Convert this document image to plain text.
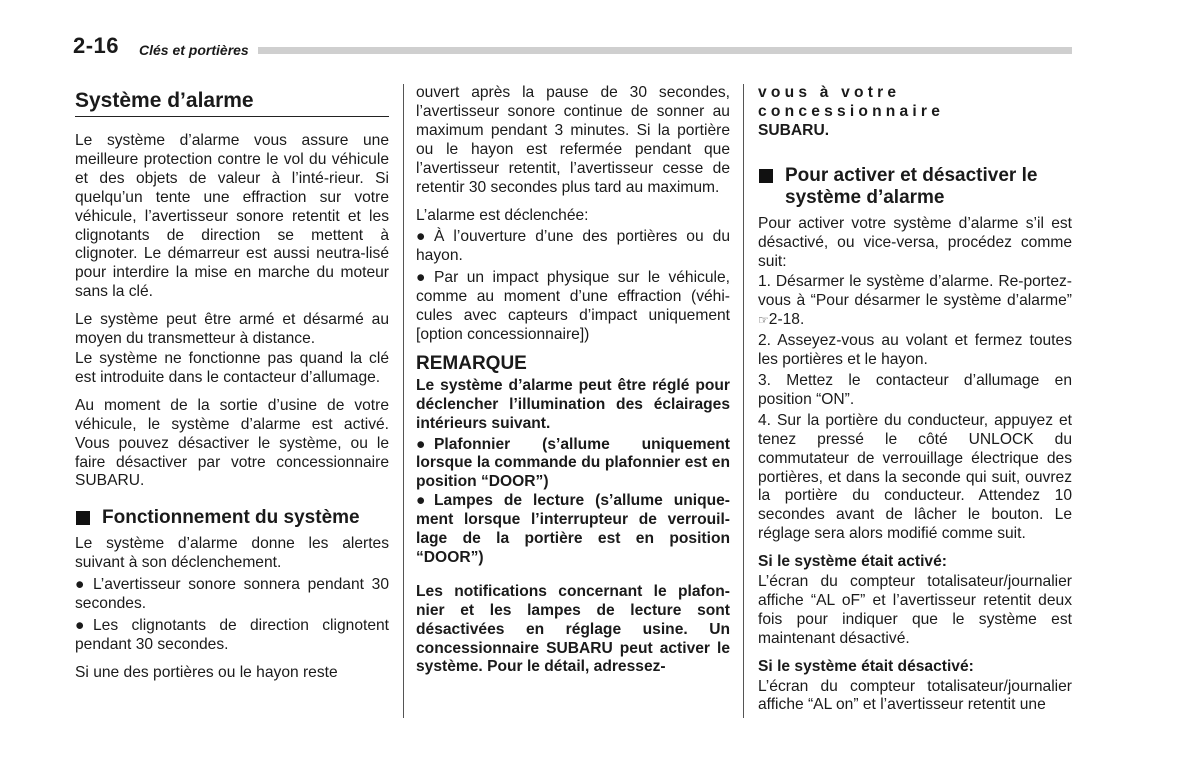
2-16 Clés et portières
Système d’alarme

Le système d’alarme vous assure une meilleure protection contre le vol du véhicule et des objets de valeur à l’inté-rieur. Si quelqu’un tente une effraction sur votre véhicule, l’avertisseur sonore retentit et les clignotants de direction se mettent à clignoter. Le démarreur est aussi neutra-lisé pour interdire la mise en marche du moteur sans la clé.

Le système peut être armé et désarmé au moyen du transmetteur à distance.

Le système ne fonctionne pas quand la clé est introduite dans le contacteur d’allumage.

Au moment de la sortie d’usine de votre véhicule, le système d’alarme est activé. Vous pouvez désactiver le système, ou le faire désactiver par votre concessionnaire SUBARU.

Fonctionnement du système

Le système d’alarme donne les alertes suivant à son déclenchement.

● L’avertisseur sonore sonnera pendant 30 secondes.

● Les clignotants de direction clignotent pendant 30 secondes.

Si une des portières ou le hayon reste

ouvert après la pause de 30 secondes, l’avertisseur sonore continue de sonner au maximum pendant 3 minutes. Si la portière ou le hayon est refermée pendant que l’avertisseur retentit, l’avertisseur cesse de retentir 30 secondes plus tard au maximum.

L’alarme est déclenchée:

● À l’ouverture d’une des portières ou du hayon.

● Par un impact physique sur le véhicule, comme au moment d’une effraction (véhi-cules avec capteurs d’impact uniquement [option concessionnaire])

REMARQUE

Le système d’alarme peut être réglé pour déclencher l’illumination des éclairages intérieurs suivant.

● Plafonnier (s’allume uniquement lorsque la commande du plafonnier est en position “DOOR”)

● Lampes de lecture (s’allume unique-ment lorsque l’interrupteur de verrouil-lage de la portière est en position “DOOR”)

Les notifications concernant le plafon-nier et les lampes de lecture sont désactivées en réglage usine. Un concessionnaire SUBARU peut activer le système. Pour le détail, adressez-

vous à votre concessionnaire
SUBARU.

Pour activer et désactiver le système d’alarme

Pour activer votre système d’alarme s’il est désactivé, ou vice-versa, procédez comme suit:

1. Désarmer le système d’alarme. Re-portez-vous à “Pour désarmer le système d’alarme” ☞2-18.

2. Asseyez-vous au volant et fermez toutes les portières et le hayon.

3. Mettez le contacteur d’allumage en position “ON”.

4. Sur la portière du conducteur, appuyez et tenez pressé le côté UNLOCK du commutateur de verrouillage électrique des portières, et dans la seconde qui suit, ouvrez la portière du conducteur. Attendez 10 secondes avant de lâcher le bouton. Le réglage sera alors modifié comme suit.

Si le système était activé:

L’écran du compteur totalisateur/journalier affiche “AL oF” et l’avertisseur retentit deux fois pour indiquer que le système est maintenant désactivé.

Si le système était désactivé:

L’écran du compteur totalisateur/journalier affiche “AL on” et l’avertisseur retentit une
